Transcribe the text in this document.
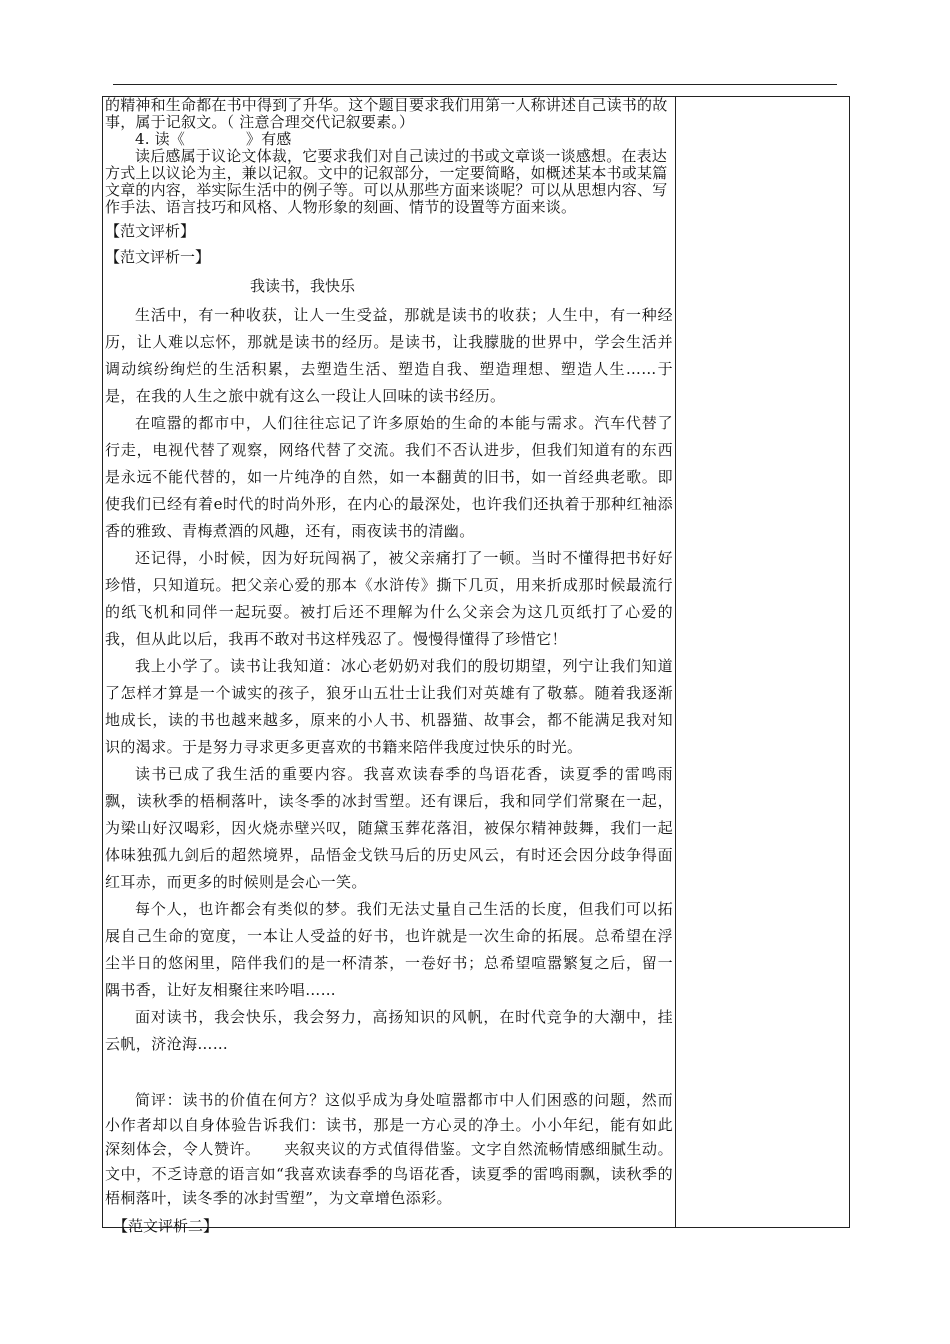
的精神和生命都在书中得到了升华。这个题目要求我们用第一人称讲述自己读书的故事，属于记叙文。（ 注意合理交代记叙要素。）

4. 读《　　　　》有感

读后感属于议论文体裁，它要求我们对自己读过的书或文章谈一谈感想。在表达方式上以议论为主，兼以记叙。文中的记叙部分，一定要简略，如概述某本书或某篇文章的内容，举实际生活中的例子等。可以从那些方面来谈呢？可以从思想内容、写作手法、语言技巧和风格、人物形象的刻画、情节的设置等方面来谈。

【范文评析】
【范文评析一】
我读书，我快乐

生活中，有一种收获，让人一生受益，那就是读书的收获；人生中，有一种经历，让人难以忘怀，那就是读书的经历。是读书，让我朦胧的世界中，学会生活并调动缤纷绚烂的生活积累，去塑造生活、塑造自我、塑造理想、塑造人生……于是，在我的人生之旅中就有这么一段让人回味的读书经历。

在喧嚣的都市中，人们往往忘记了许多原始的生命的本能与需求。汽车代替了行走，电视代替了观察，网络代替了交流。我们不否认进步，但我们知道有的东西是永远不能代替的，如一片纯净的自然，如一本翻黄的旧书，如一首经典老歌。即使我们已经有着e时代的时尚外形，在内心的最深处，也许我们还执着于那种红袖添香的雅致、青梅煮酒的风趣，还有，雨夜读书的清幽。

还记得，小时候，因为好玩闯祸了，被父亲痛打了一顿。当时不懂得把书好好珍惜，只知道玩。把父亲心爱的那本《水浒传》撕下几页，用来折成那时候最流行的纸飞机和同伴一起玩耍。被打后还不理解为什么父亲会为这几页纸打了心爱的我，但从此以后，我再不敢对书这样残忍了。慢慢得懂得了珍惜它！

我上小学了。读书让我知道：冰心老奶奶对我们的殷切期望，列宁让我们知道了怎样才算是一个诚实的孩子，狼牙山五壮士让我们对英雄有了敬慕。随着我逐渐地成长，读的书也越来越多，原来的小人书、机器猫、故事会，都不能满足我对知识的渴求。于是努力寻求更多更喜欢的书籍来陪伴我度过快乐的时光。

读书已成了我生活的重要内容。我喜欢读春季的鸟语花香，读夏季的雷鸣雨飘，读秋季的梧桐落叶，读冬季的冰封雪塑。还有课后，我和同学们常聚在一起，为梁山好汉喝彩，因火烧赤壁兴叹，随黛玉葬花落泪，被保尔精神鼓舞，我们一起体味独孤九剑后的超然境界，品悟金戈铁马后的历史风云，有时还会因分歧争得面红耳赤，而更多的时候则是会心一笑。

每个人，也许都会有类似的梦。我们无法丈量自己生活的长度，但我们可以拓展自己生命的宽度，一本让人受益的好书，也许就是一次生命的拓展。总希望在浮尘半日的悠闲里，陪伴我们的是一杯清茶，一卷好书；总希望喧嚣繁复之后，留一隅书香，让好友相聚往来吟唱……

面对读书，我会快乐，我会努力，高扬知识的风帆，在时代竞争的大潮中，挂云帆，济沧海……

简评：读书的价值在何方？这似乎成为身处喧嚣都市中人们困惑的问题，然而小作者却以自身体验告诉我们：读书，那是一方心灵的净土。小小年纪，能有如此深刻体会，令人赞许。　　夹叙夹议的方式值得借鉴。文字自然流畅情感细腻生动。文中，不乏诗意的语言如“我喜欢读春季的鸟语花香，读夏季的雷鸣雨飘，读秋季的梧桐落叶，读冬季的冰封雪塑”，为文章增色添彩。

【范文评析二】
